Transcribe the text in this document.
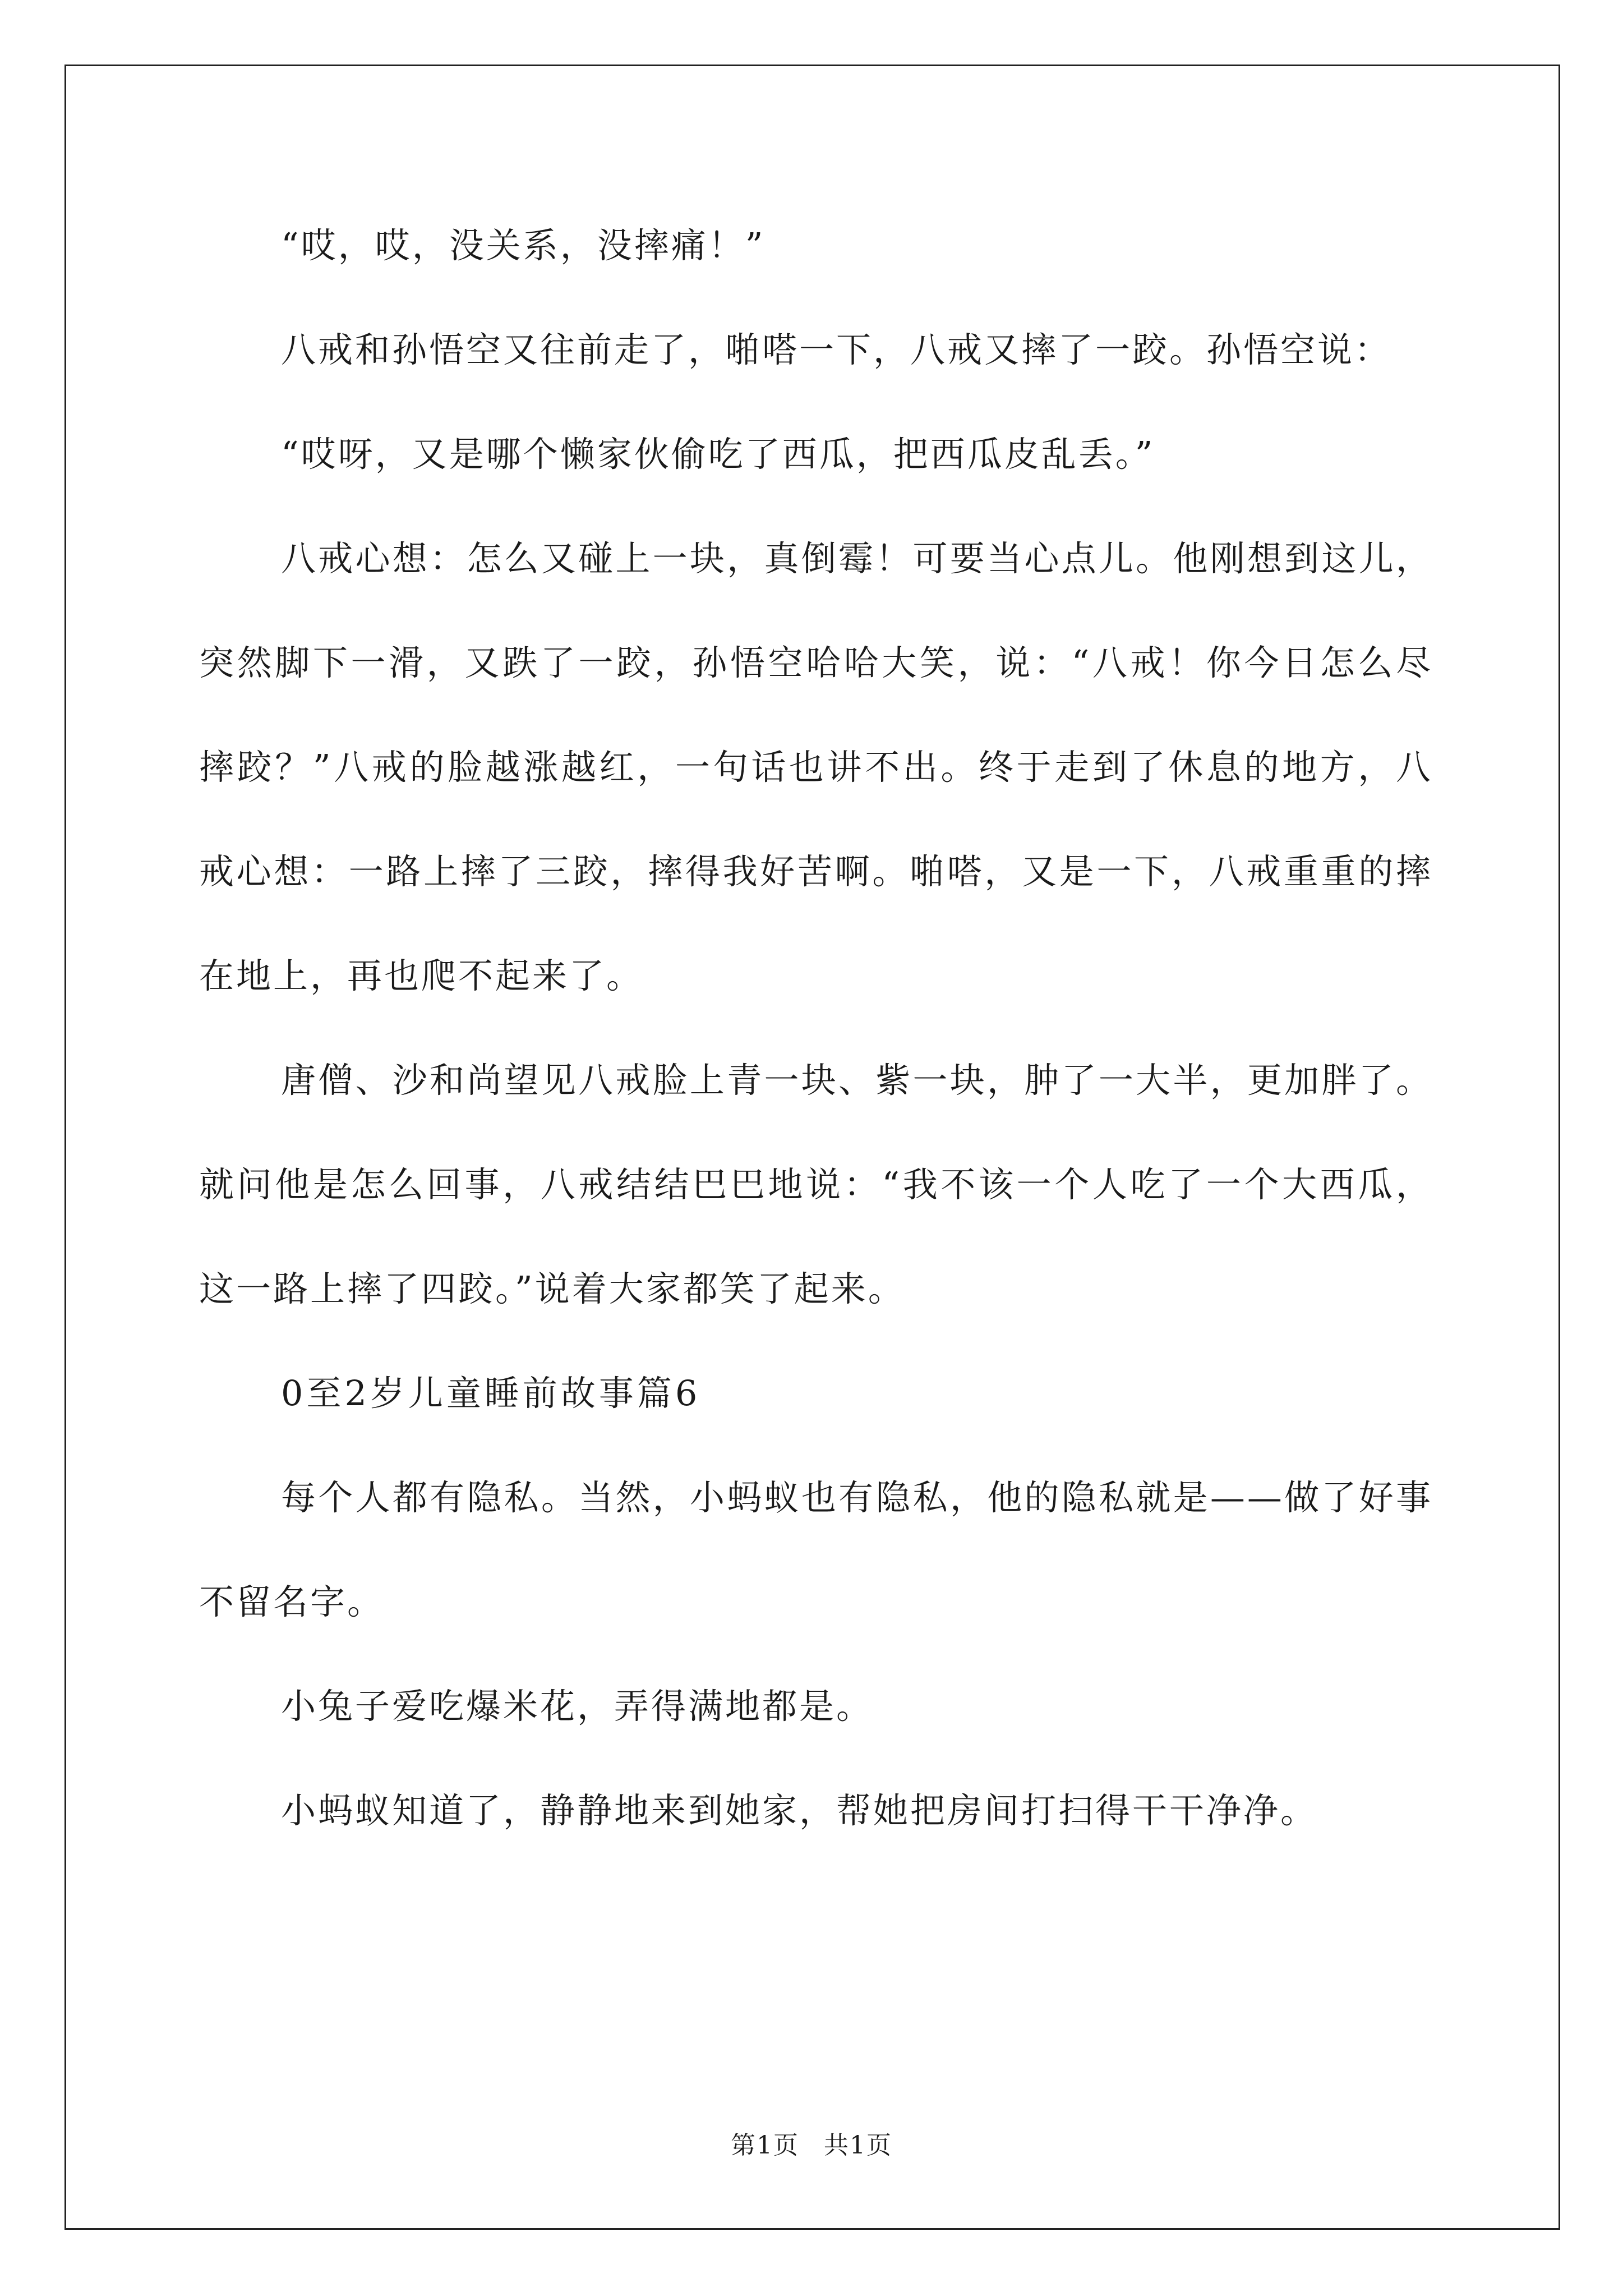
“哎，哎，没关系，没摔痛！”

八戒和孙悟空又往前走了，啪嗒一下，八戒又摔了一跤。孙悟空说：

“哎呀，又是哪个懒家伙偷吃了西瓜，把西瓜皮乱丢。”

八戒心想：怎么又碰上一块，真倒霉！可要当心点儿。他刚想到这儿，突然脚下一滑，又跌了一跤，孙悟空哈哈大笑，说：“八戒！你今日怎么尽摔跤？”八戒的脸越涨越红，一句话也讲不出。终于走到了休息的地方，八戒心想：一路上摔了三跤，摔得我好苦啊。啪嗒，又是一下，八戒重重的摔在地上，再也爬不起来了。

唐僧、沙和尚望见八戒脸上青一块、紫一块，肿了一大半，更加胖了。就问他是怎么回事，八戒结结巴巴地说：“我不该一个人吃了一个大西瓜，这一路上摔了四跤。”说着大家都笑了起来。

0至2岁儿童睡前故事篇6

每个人都有隐私。当然，小蚂蚁也有隐私，他的隐私就是——做了好事不留名字。

小兔子爱吃爆米花，弄得满地都是。

小蚂蚁知道了，静静地来到她家，帮她把房间打扫得干干净净。

第1页 共1页
